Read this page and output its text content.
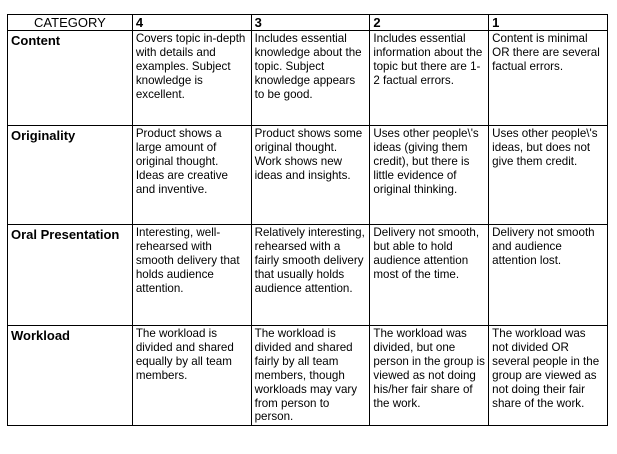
CATEGORY	4	3	2	1
Content	Covers topic in-depth with details and examples. Subject knowledge is excellent.	Includes essential knowledge about the topic. Subject knowledge appears to be good.	Includes essential information about the topic but there are 1-2 factual errors.	Content is minimal OR there are several factual errors.
Originality	Product shows a large amount of original thought. Ideas are creative and inventive.	Product shows some original thought. Work shows new ideas and insights.	Uses other people\'s ideas (giving them credit), but there is little evidence of original thinking.	Uses other people\'s ideas, but does not give them credit.
Oral Presentation	Interesting, well-rehearsed with smooth delivery that holds audience attention.	Relatively interesting, rehearsed with a fairly smooth delivery that usually holds audience attention.	Delivery not smooth, but able to hold audience attention most of the time.	Delivery not smooth and audience attention lost.
Workload	The workload is divided and shared equally by all team members.	The workload is divided and shared fairly by all team members, though workloads may vary from person to person.	The workload was divided, but one person in the group is viewed as not doing his/her fair share of the work.	The workload was not divided OR several people in the group are viewed as not doing their fair share of the work.
